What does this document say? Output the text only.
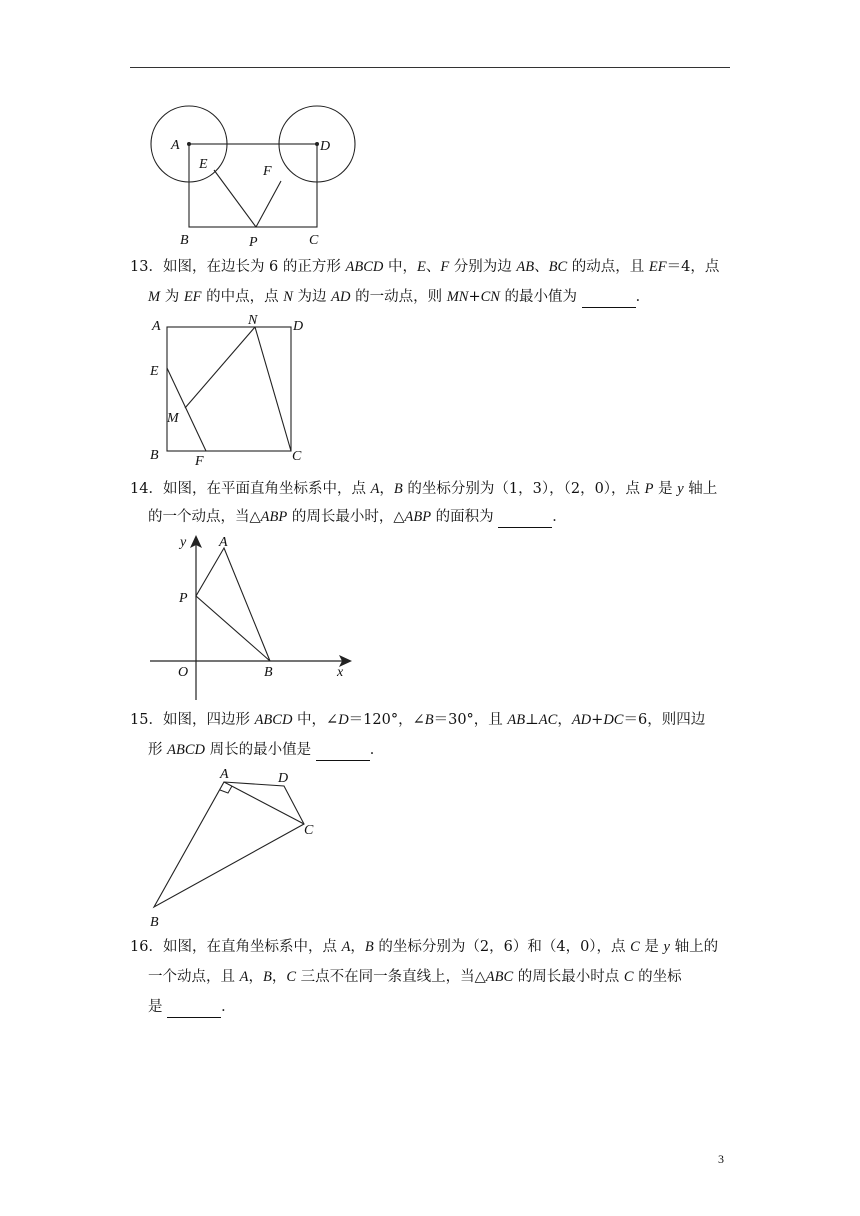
A	D
E	F
B	P	C
13．如图，在边长为 6 的正方形 ABCD 中，E、F 分别为边 AB、BC 的动点，且 EF＝4，点
M 为 EF 的中点，点 N 为边 AD 的一动点，则 MN+CN 的最小值为	．
A	N	D
E
M
B	F	C
14．如图，在平面直角坐标系中，点 A，B 的坐标分别为（1，3），（2，0），点 P 是 y 轴上
的一个动点，当△ABP 的周长最小时，△ABP 的面积为	．
y A
P
O	B	x
15．如图，四边形 ABCD 中，∠D＝120°，∠B＝30°，且 AB⊥AC，AD+DC＝6，则四边
形 ABCD 周长的最小值是	．
A	D
C
B
16．如图，在直角坐标系中，点 A，B 的坐标分别为（2，6）和（4，0），点 C 是 y 轴上的
一个动点，且 A，B，C 三点不在同一条直线上，当△ABC 的周长最小时点 C 的坐标
是	．
3
